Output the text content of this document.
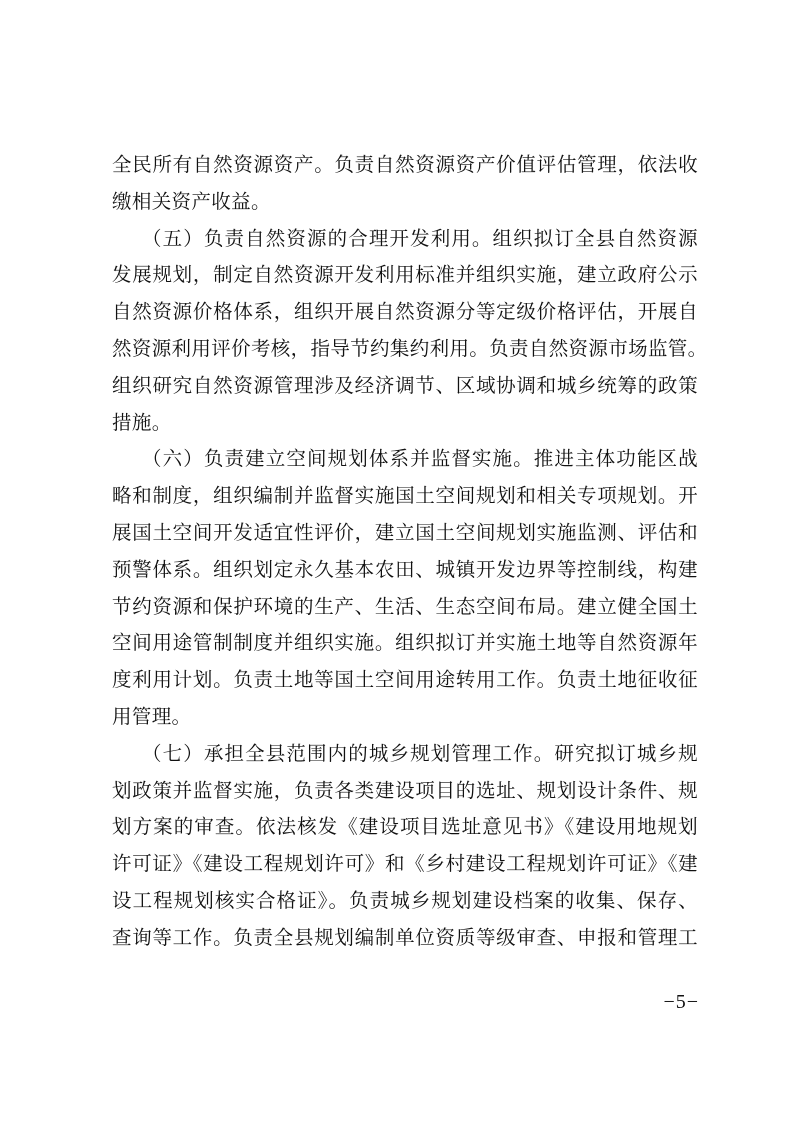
全民所有自然资源资产。负责自然资源资产价值评估管理，依法收
缴相关资产收益。
（五）负责自然资源的合理开发利用。组织拟订全县自然资源
发展规划，制定自然资源开发利用标准并组织实施，建立政府公示
自然资源价格体系，组织开展自然资源分等定级价格评估，开展自
然资源利用评价考核，指导节约集约利用。负责自然资源市场监管。
组织研究自然资源管理涉及经济调节、区域协调和城乡统筹的政策
措施。
（六）负责建立空间规划体系并监督实施。推进主体功能区战
略和制度，组织编制并监督实施国土空间规划和相关专项规划。开
展国土空间开发适宜性评价，建立国土空间规划实施监测、评估和
预警体系。组织划定永久基本农田、城镇开发边界等控制线，构建
节约资源和保护环境的生产、生活、生态空间布局。建立健全国土
空间用途管制制度并组织实施。组织拟订并实施土地等自然资源年
度利用计划。负责土地等国土空间用途转用工作。负责土地征收征
用管理。
（七）承担全县范围内的城乡规划管理工作。研究拟订城乡规
划政策并监督实施，负责各类建设项目的选址、规划设计条件、规
划方案的审查。依法核发《建设项目选址意见书》《建设用地规划
许可证》《建设工程规划许可》和《乡村建设工程规划许可证》《建
设工程规划核实合格证》。负责城乡规划建设档案的收集、保存、
查询等工作。负责全县规划编制单位资质等级审查、申报和管理工
−5−
